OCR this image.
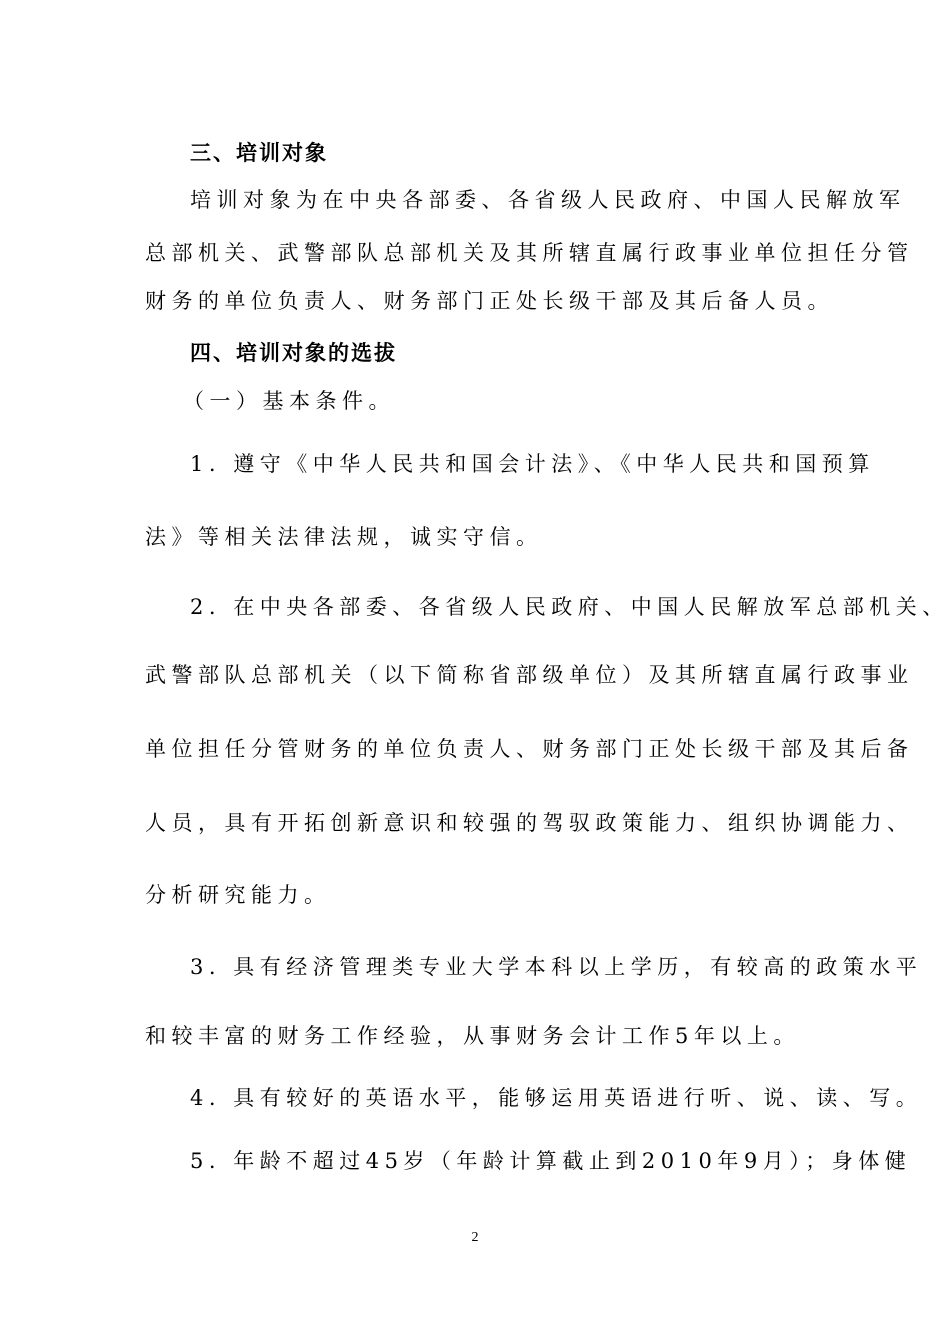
三、培训对象
培训对象为在中央各部委、各省级人民政府、中国人民解放军
总部机关、武警部队总部机关及其所辖直属行政事业单位担任分管
财务的单位负责人、财务部门正处长级干部及其后备人员。
四、培训对象的选拔
（一）基本条件。
1. 遵守《中华人民共和国会计法》、《中华人民共和国预算
法》等相关法律法规，诚实守信。
2. 在中央各部委、各省级人民政府、中国人民解放军总部机关、
武警部队总部机关（以下简称省部级单位）及其所辖直属行政事业
单位担任分管财务的单位负责人、财务部门正处长级干部及其后备
人员，具有开拓创新意识和较强的驾驭政策能力、组织协调能力、
分析研究能力。
3. 具有经济管理类专业大学本科以上学历，有较高的政策水平
和较丰富的财务工作经验，从事财务会计工作5年以上。
4. 具有较好的英语水平，能够运用英语进行听、说、读、写。
5. 年龄不超过45岁（年龄计算截止到2010年9月）；身体健
2
